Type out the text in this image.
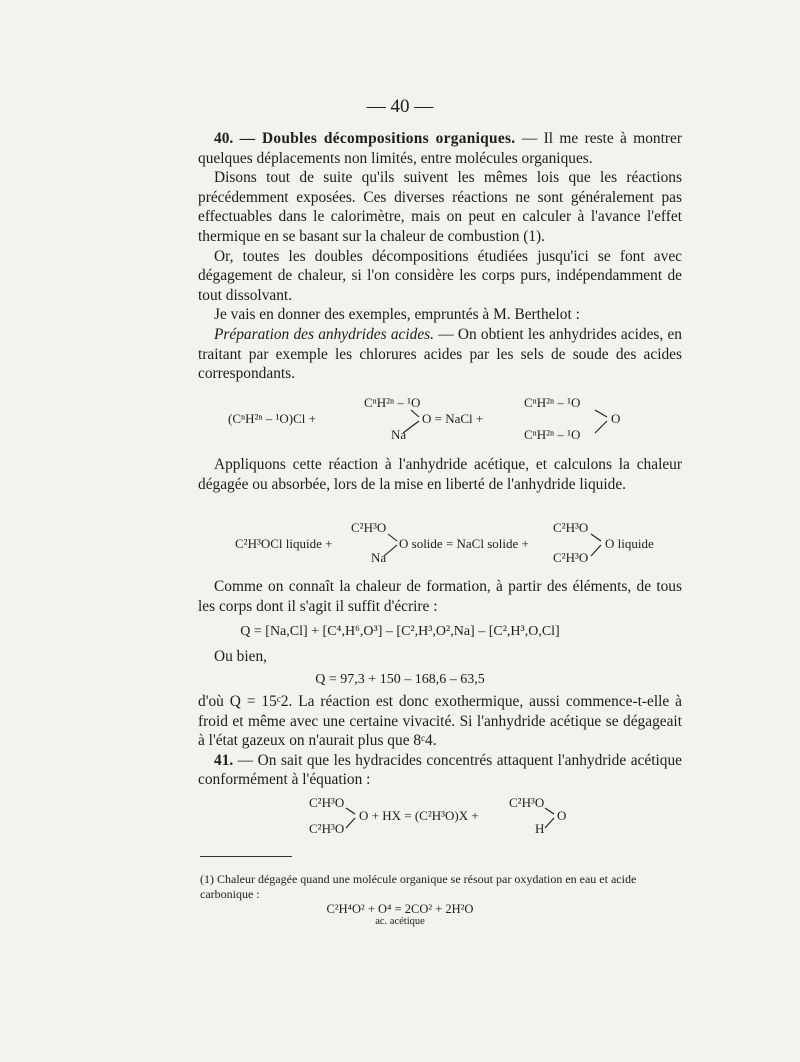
— 40 —

40. — Doubles décompositions organiques. — Il me reste à montrer quelques déplacements non limités, entre molécules organiques.

Disons tout de suite qu'ils suivent les mêmes lois que les réactions précédemment exposées. Ces diverses réactions ne sont généralement pas effectuables dans le calorimètre, mais on peut en calculer à l'avance l'effet thermique en se basant sur la chaleur de combustion (1).

Or, toutes les doubles décompositions étudiées jusqu'ici se font avec dégagement de chaleur, si l'on considère les corps purs, indépendamment de tout dissolvant.

Je vais en donner des exemples, empruntés à M. Berthelot :

Préparation des anhydrides acides. — On obtient les anhydrides acides, en traitant par exemple les chlorures acides par les sels de soude des acides correspondants.

(CⁿH²ⁿ – ¹O)Cl +
CⁿH²ⁿ – ¹O
Na
O = NaCl +
CⁿH²ⁿ – ¹O
CⁿH²ⁿ – ¹O
O

Appliquons cette réaction à l'anhydride acétique, et calculons la chaleur dégagée ou absorbée, lors de la mise en liberté de l'anhydride liquide.

C²H³OCl liquide +
C²H³O
Na
O solide = NaCl solide +
C²H³O
C²H³O
O liquide

Comme on connaît la chaleur de formation, à partir des éléments, de tous les corps dont il s'agit il suffit d'écrire :

Q = [Na,Cl] + [C⁴,H⁶,O³] – [C²,H³,O²,Na] – [C²,H³,O,Cl]

Ou bien,

Q = 97,3 + 150 – 168,6 – 63,5

d'où Q = 15ᶜ2. La réaction est donc exothermique, aussi commence-t-elle à froid et même avec une certaine vivacité. Si l'anhydride acétique se dégageait à l'état gazeux on n'aurait plus que 8ᶜ4.

41. — On sait que les hydracides concentrés attaquent l'anhydride acétique conformément à l'équation :

C²H³O
C²H³O
O + HX = (C²H³O)X +
C²H³O
H
O
(1) Chaleur dégagée quand une molécule organique se résout par oxydation en eau et acide carbonique :
C²H⁴O² + O⁴ = 2CO² + 2H²O
ac. acétique
